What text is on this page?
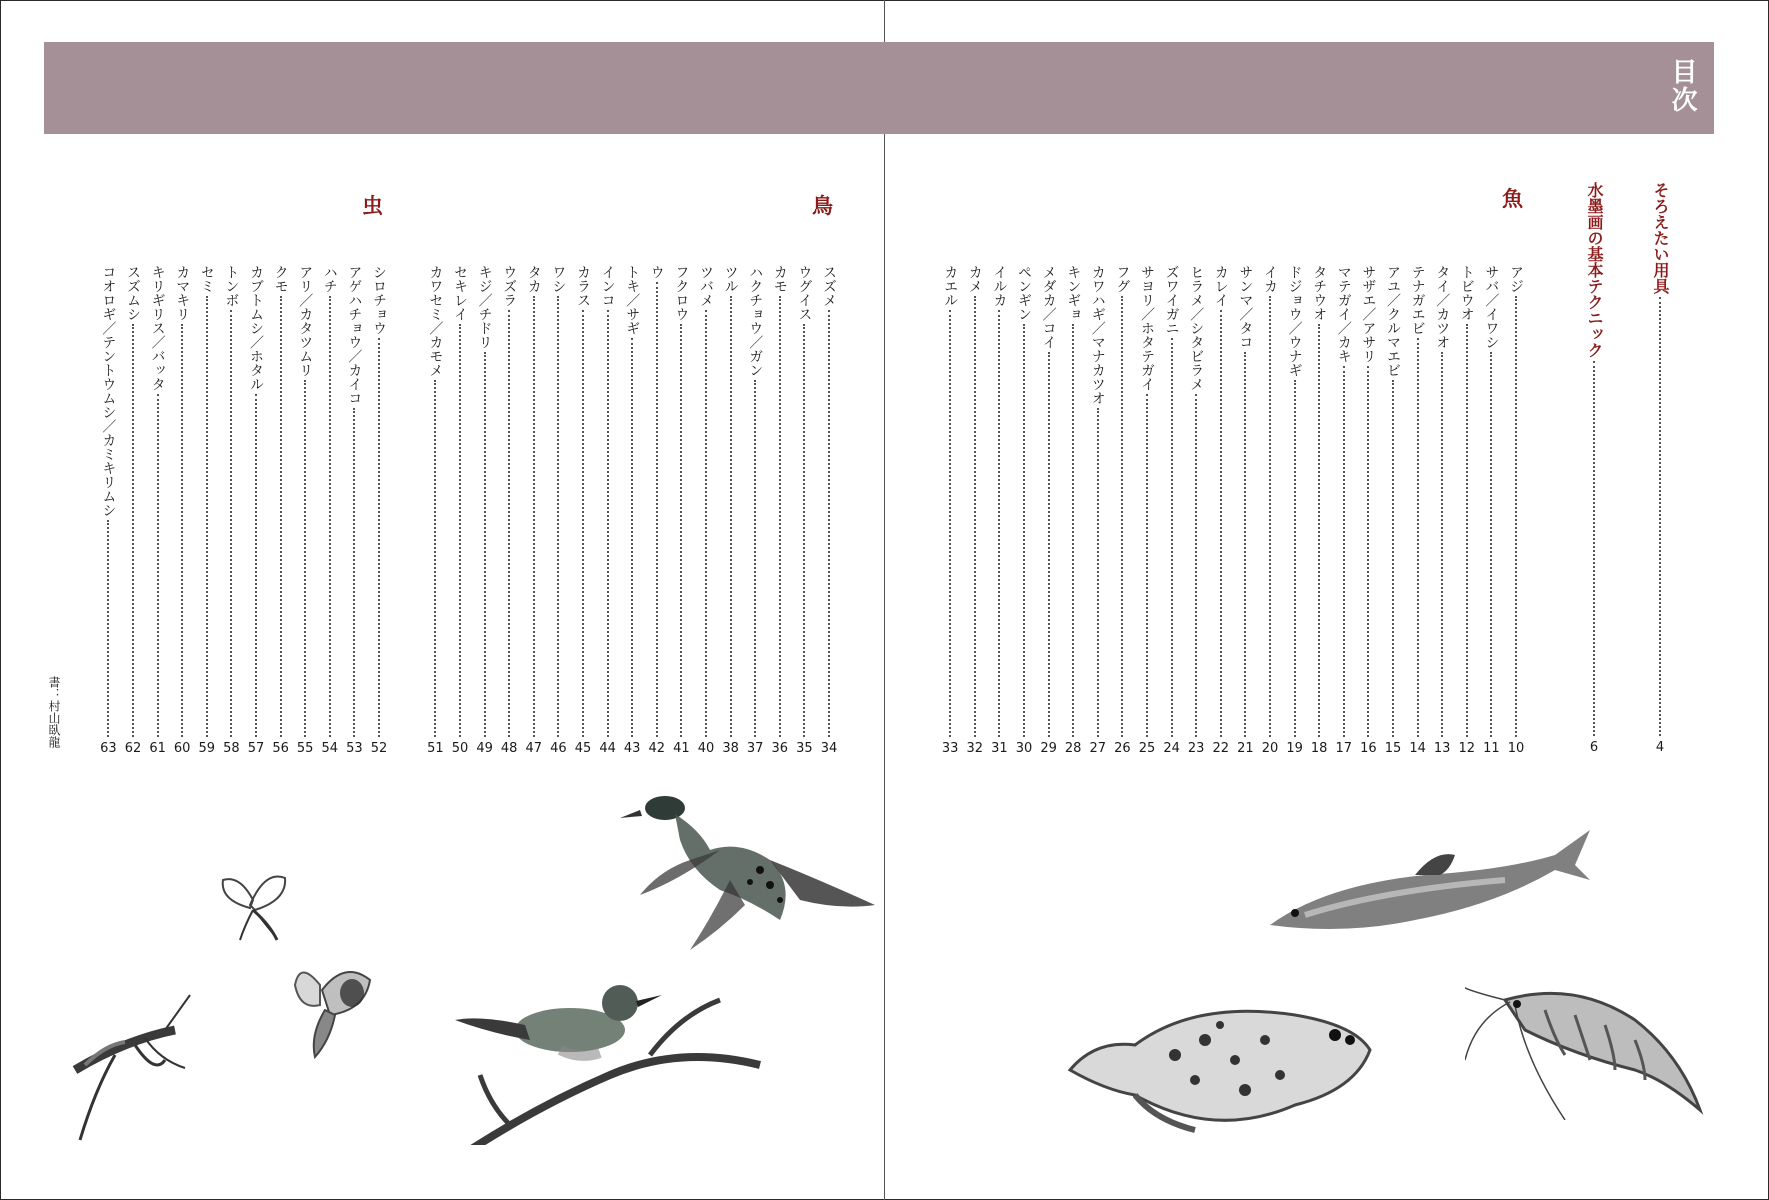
目次
そろえたい用具
4
水墨画の基本テクニック
6
魚
鳥
虫
アジ
10
サバ／イワシ
11
トビウオ
12
タイ／カツオ
13
テナガエビ
14
アユ／クルマエビ
15
サザエ／アサリ
16
マテガイ／カキ
17
タチウオ
18
ドジョウ／ウナギ
19
イカ
20
サンマ／タコ
21
カレイ
22
ヒラメ／シタビラメ
23
ズワイガニ
24
サヨリ／ホタテガイ
25
フグ
26
カワハギ／マナカツオ
27
キンギョ
28
メダカ／コイ
29
ペンギン
30
イルカ
31
カメ
32
カエル
33
スズメ
34
ウグイス
35
カモ
36
ハクチョウ／ガン
37
ツル
38
ツバメ
40
フクロウ
41
ウ
42
トキ／サギ
43
インコ
44
カラス
45
ワシ
46
タカ
47
ウズラ
48
キジ／チドリ
49
セキレイ
50
カワセミ／カモメ
51
シロチョウ
52
アゲハチョウ／カイコ
53
ハチ
54
アリ／カタツムリ
55
クモ
56
カブトムシ／ホタル
57
トンボ
58
セミ
59
カマキリ
60
キリギリス／バッタ
61
スズムシ
62
コオロギ／テントウムシ／カミキリムシ
63
書：村山臥龍
